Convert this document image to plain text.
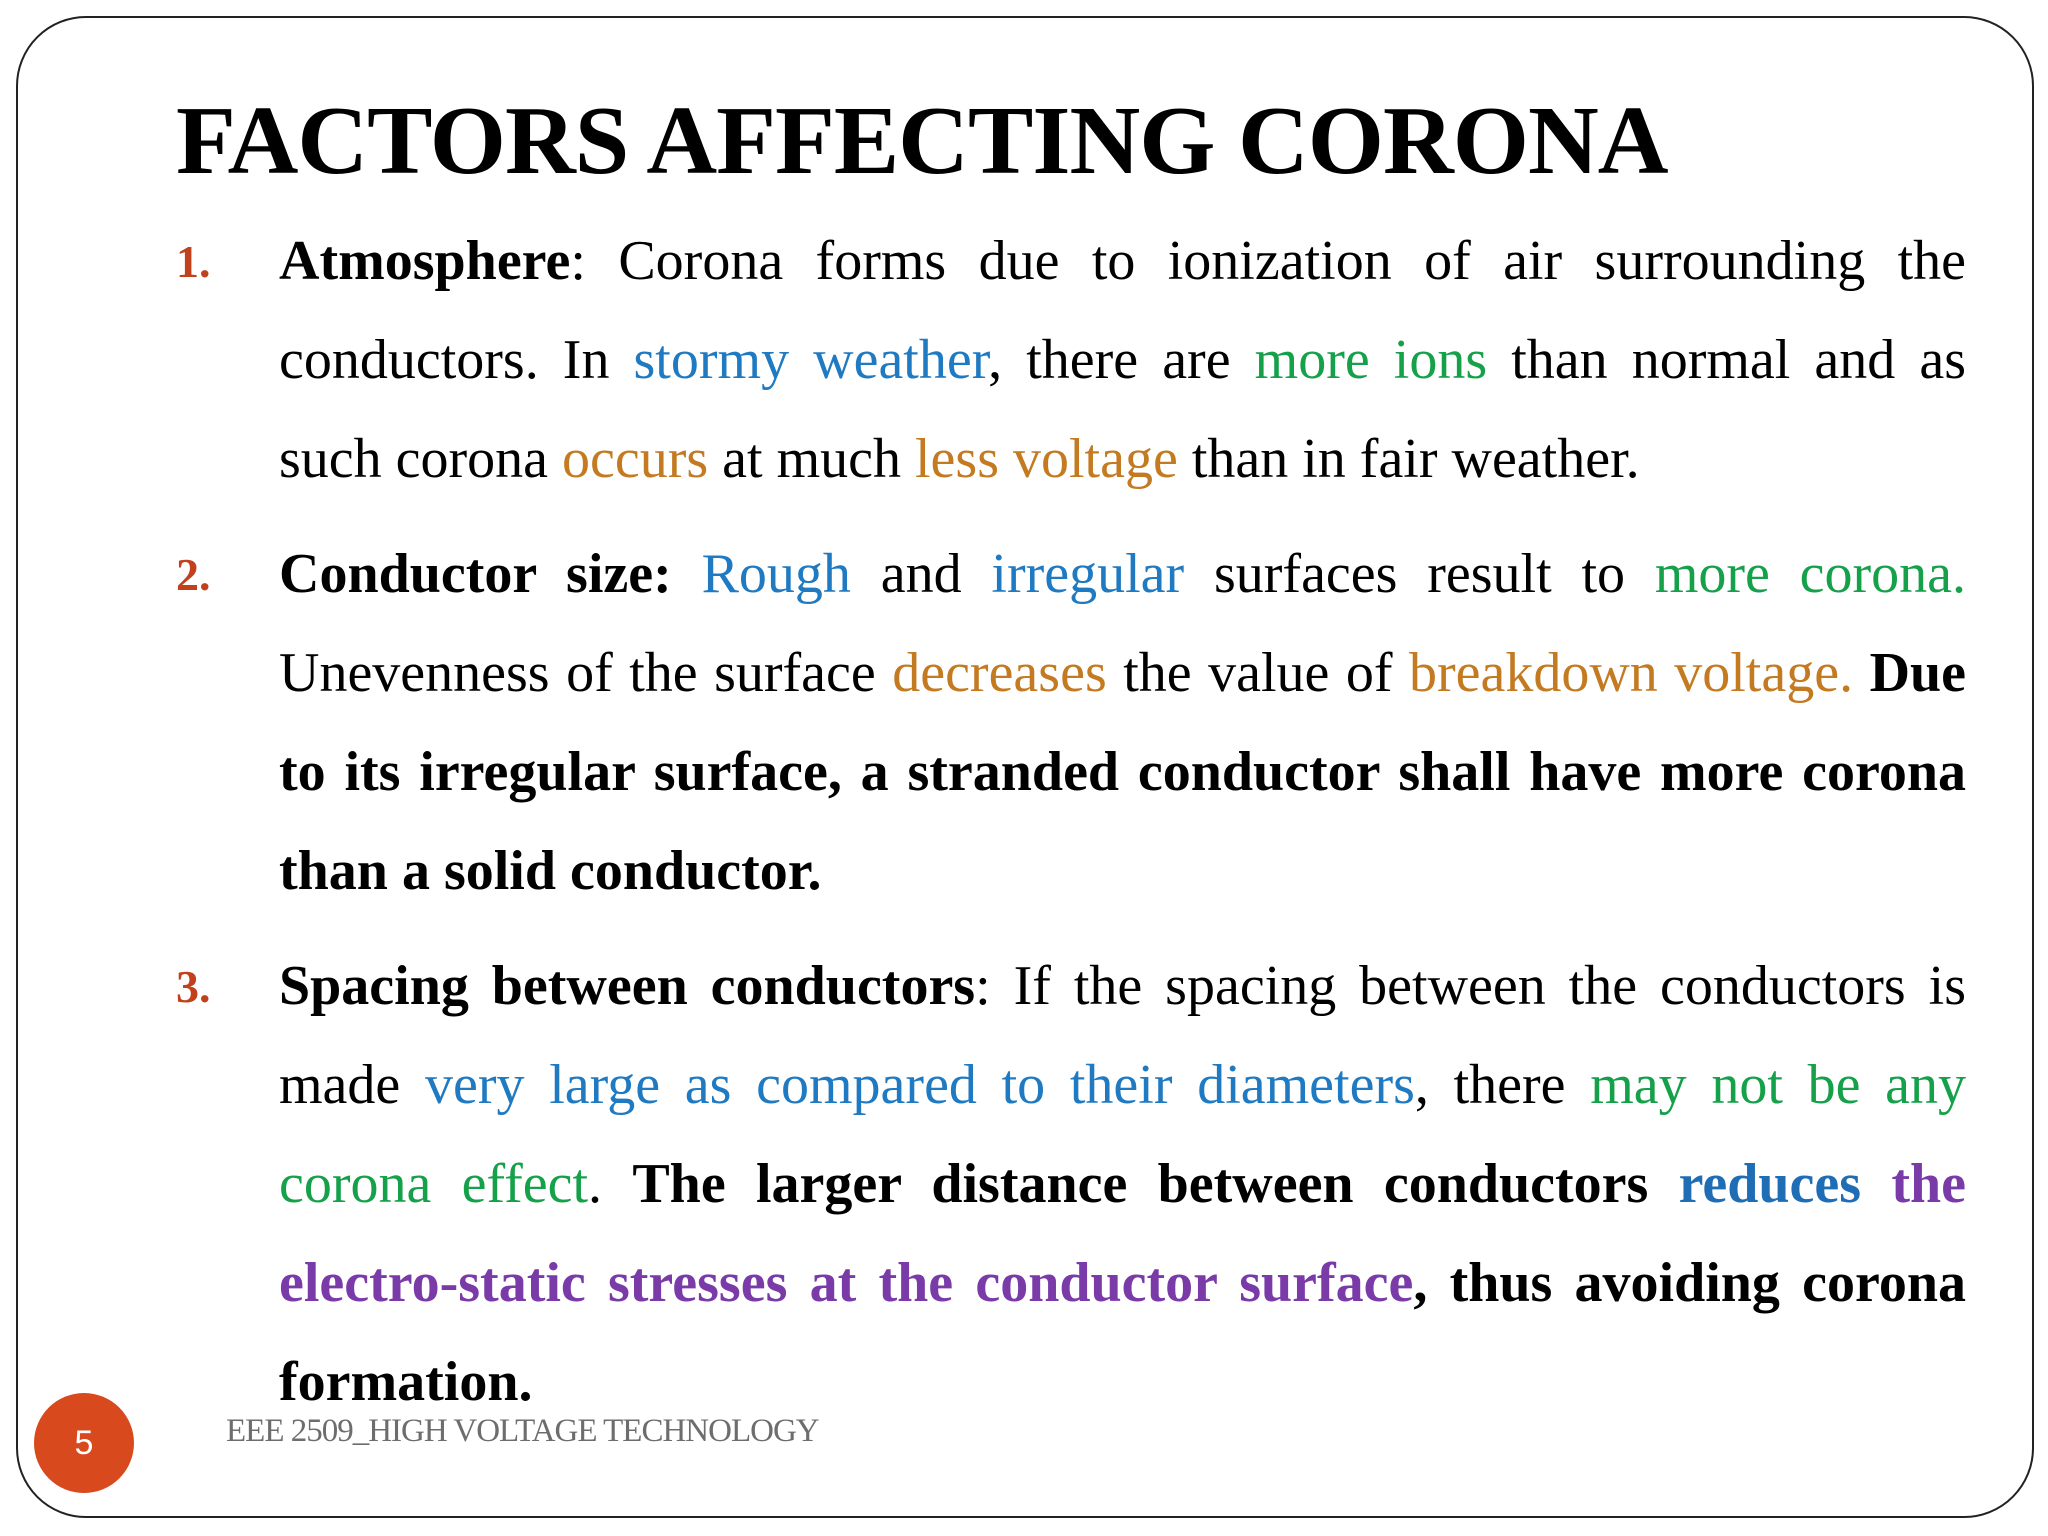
FACTORS AFFECTING CORONA
1. Atmosphere: Corona forms due to ionization of air surrounding the conductors. In stormy weather, there are more ions than normal and as such corona occurs at much less voltage than in fair weather.
2. Conductor size: Rough and irregular surfaces result to more corona. Unevenness of the surface decreases the value of breakdown voltage. Due to its irregular surface, a stranded conductor shall have more corona than a solid conductor.
3. Spacing between conductors: If the spacing between the conductors is made very large as compared to their diameters, there may not be any corona effect. The larger distance between conductors reduces the electro-static stresses at the conductor surface, thus avoiding corona formation.
5	EEE 2509_HIGH VOLTAGE TECHNOLOGY
